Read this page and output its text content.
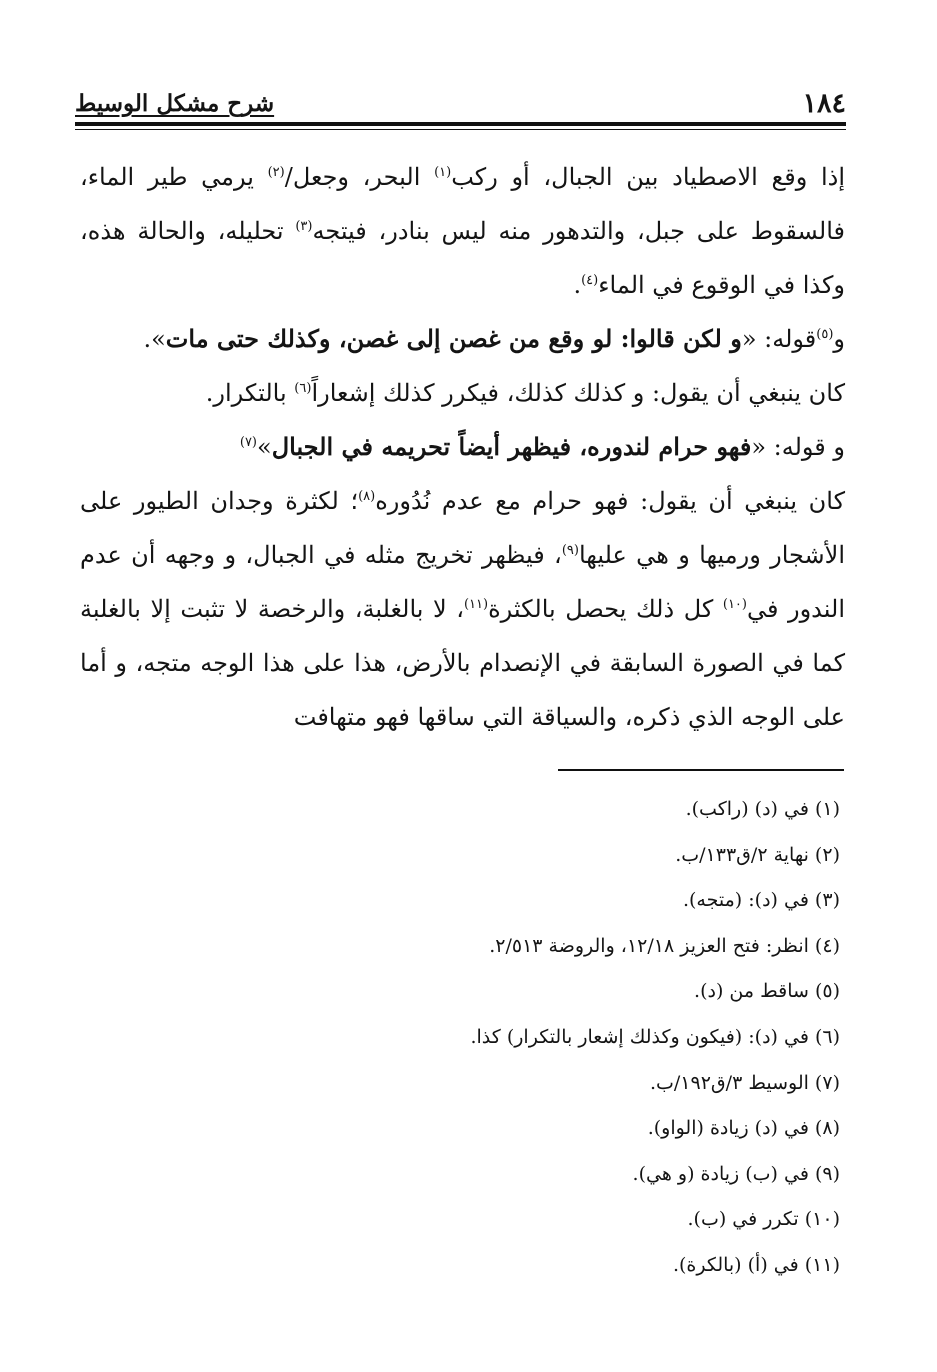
١٨٤
شرح مشكل الوسيط

إذا وقع الاصطياد بين الجبال، أو ركب$^{(١)}$ البحر، وجعل/$^{(٢)}$ يرمي طير الماء، فالسقوط على جبل، والتدهور منه ليس بنادر، فيتجه$^{(٣)}$ تحليله، والحالة هذه، وكذا في الوقوع في الماء$^{(٤)}$.

و$^{(٥)}$قوله: «و لكن قالوا: لو وقع من غصن إلى غصن، وكذلك حتى مات».

كان ينبغي أن يقول: و كذلك كذلك، فيكرر كذلك إشعاراً$^{(٦)}$ بالتكرار.

و قوله: «فهو حرام لندوره، فيظهر أيضاً تحريمه في الجبال»$^{(٧)}$

كان ينبغي أن يقول: فهو حرام مع عدم نُدُوره$^{(٨)}$؛ لكثرة وجدان الطيور على الأشجار ورميها و هي عليها$^{(٩)}$، فيظهر تخريج مثله في الجبال، و وجهه أن عدم الندور في$^{(١٠)}$ كل ذلك يحصل بالكثرة$^{(١١)}$، لا بالغلبة، والرخصة لا تثبت إلا بالغلبة كما في الصورة السابقة في الإنصدام بالأرض، هذا على هذا الوجه متجه، و أما على الوجه الذي ذكره، والسياقة التي ساقها فهو متهافت

(١) في (د) (راكب).
(٢) نهاية ٢/ق١٣٣/ب.
(٣) في (د): (متجه).
(٤) انظر: فتح العزيز ١٢/١٨، والروضة ٢/٥١٣.
(٥) ساقط من (د).
(٦) في (د): (فيكون وكذلك إشعار بالتكرار) كذا.
(٧) الوسيط ٣/ق١٩٢/ب.
(٨) في (د) زيادة (الواو).
(٩) في (ب) زيادة (و هي).
(١٠) تكرر في (ب).
(١١) في (أ) (بالكرة).
